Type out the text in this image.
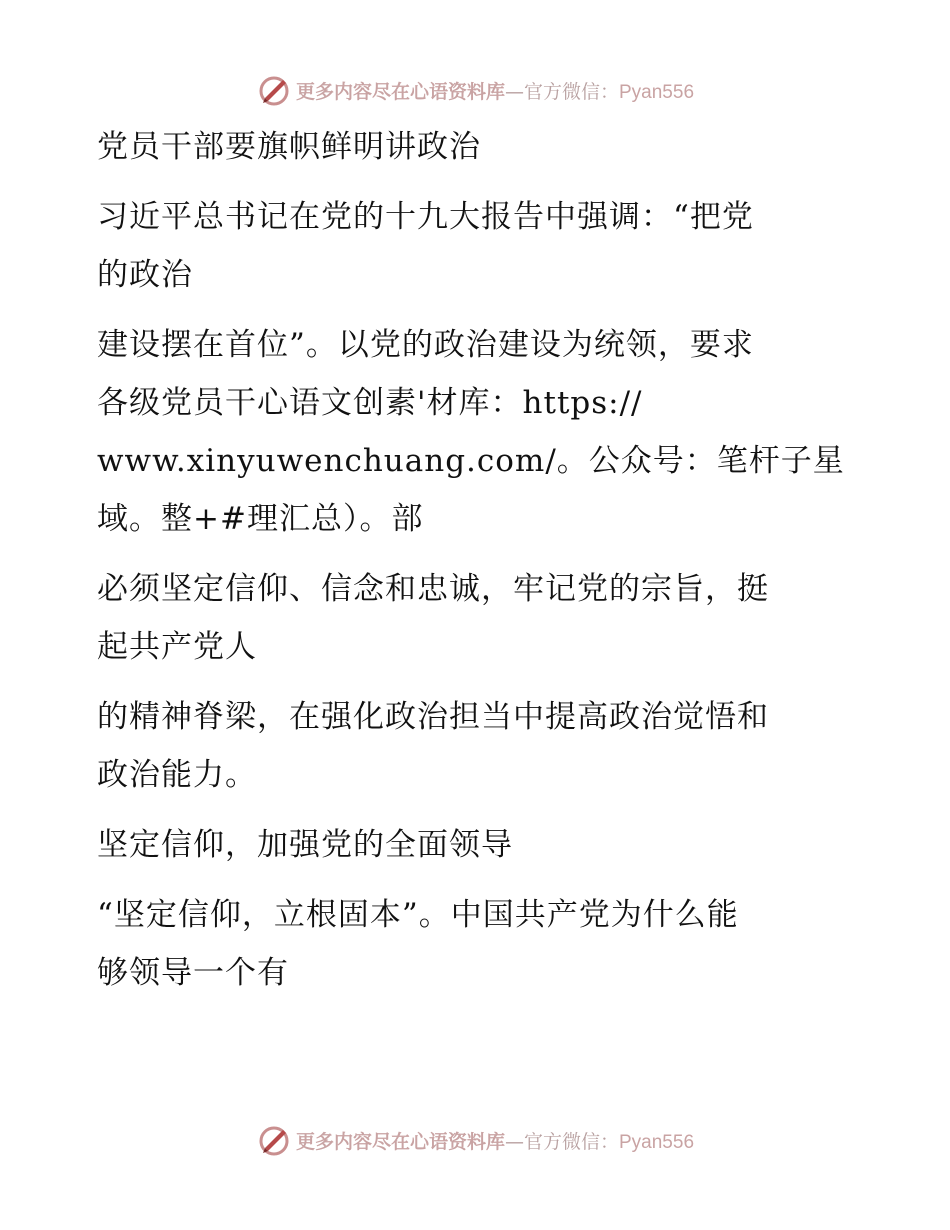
更多内容尽在心语资料库—官方微信：Pyan556
党员干部要旗帜鲜明讲政治
习近平总书记在党的十九大报告中强调：“把党
的政治
建设摆在首位”。以党的政治建设为统领，要求
各级党员干心语文创素'材库：https://
www.xinyuwenchuang.com/。公众号：笔杆子星
域。整+#理汇总）。部
必须坚定信仰、信念和忠诚，牢记党的宗旨，挺
起共产党人
的精神脊梁，在强化政治担当中提高政治觉悟和
政治能力。
坚定信仰，加强党的全面领导
“坚定信仰，立根固本”。中国共产党为什么能
够领导一个有
更多内容尽在心语资料库—官方微信：Pyan556
